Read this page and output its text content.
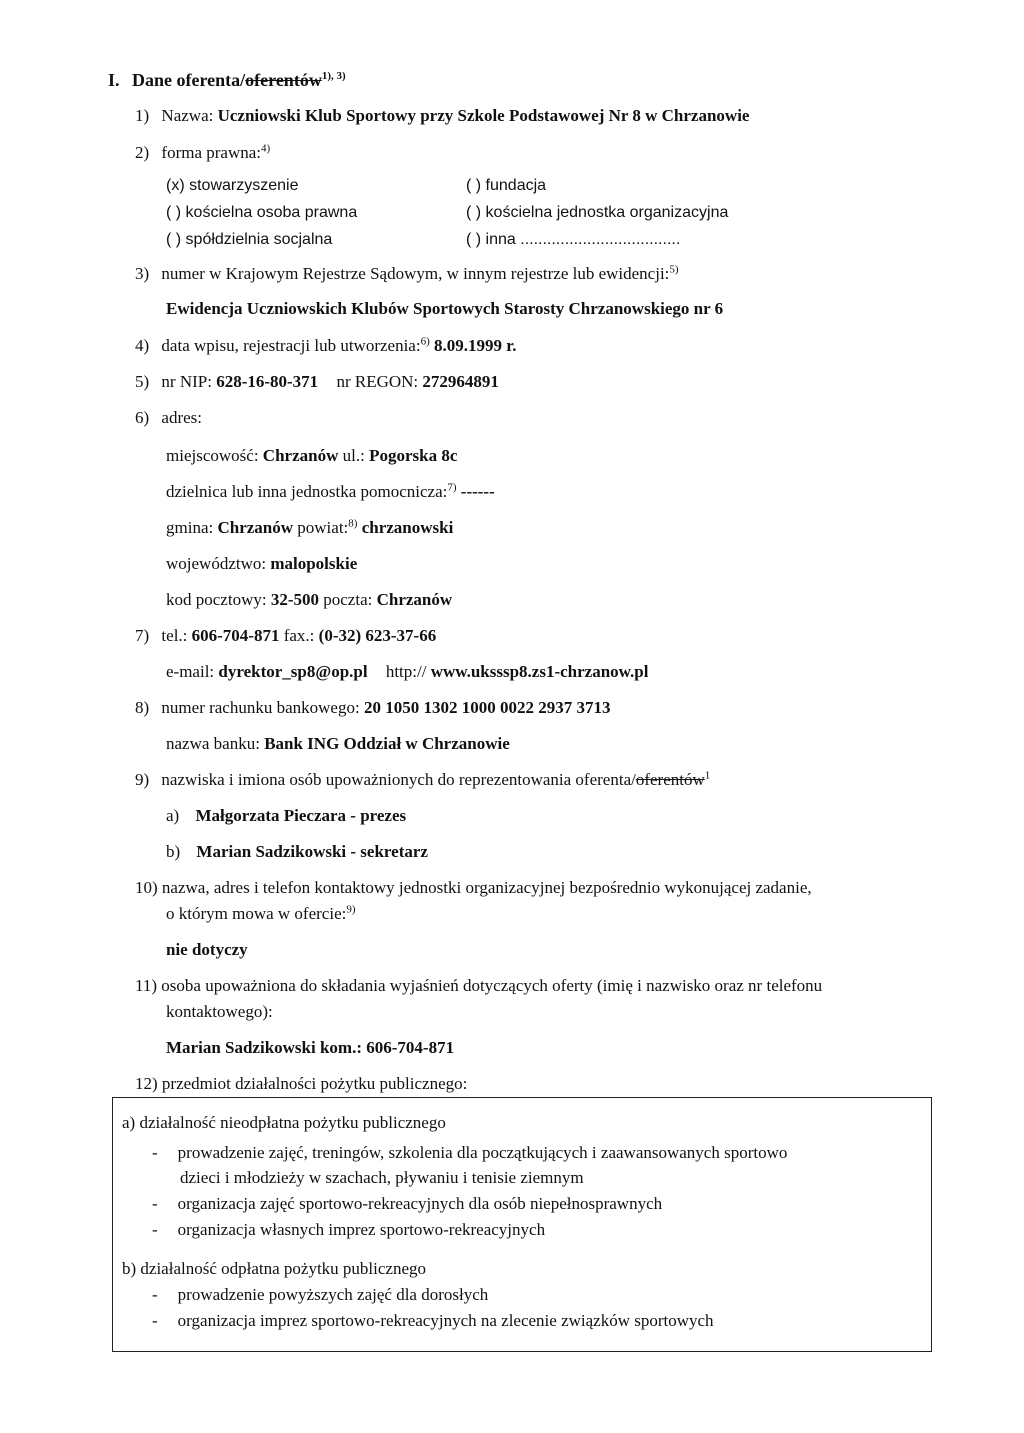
I. Dane oferenta/oferentów$^{1), 3)}$
1) Nazwa: Uczniowski Klub Sportowy przy Szkole Podstawowej Nr 8 w Chrzanowie
2) forma prawna:$^{4)}$
(x) stowarzyszenie
( ) kościelna osoba prawna
( ) spółdzielnia socjalna
( ) fundacja
( ) kościelna jednostka organizacyjna
( ) inna ....................................
3) numer w Krajowym Rejestrze Sądowym, w innym rejestrze lub ewidencji:$^{5)}$
Ewidencja Uczniowskich Klubów Sportowych Starosty Chrzanowskiego nr 6
4) data wpisu, rejestracji lub utworzenia:$^{6)}$ 8.09.1999 r.
5) nr NIP: 628-16-80-371 nr REGON: 272964891
6) adres:
miejscowość: Chrzanów ul.: Pogorska 8c
dzielnica lub inna jednostka pomocnicza:$^{7)}$ ------
gmina: Chrzanów powiat:$^{8)}$ chrzanowski
województwo: malopolskie
kod pocztowy: 32-500 poczta: Chrzanów
7) tel.: 606-704-871 fax.: (0-32) 623-37-66
e-mail: dyrektor_sp8@op.pl http:// www.uksssp8.zs1-chrzanow.pl
8) numer rachunku bankowego: 20 1050 1302 1000 0022 2937 3713
nazwa banku: Bank ING Oddział w Chrzanowie
9) nazwiska i imiona osób upoważnionych do reprezentowania oferenta/oferentów$^1$
a) Małgorzata Pieczara - prezes
b) Marian Sadzikowski - sekretarz
10) nazwa, adres i telefon kontaktowy jednostki organizacyjnej bezpośrednio wykonującej zadanie,
o którym mowa w ofercie:$^{9)}$
nie dotyczy
11) osoba upoważniona do składania wyjaśnień dotyczących oferty (imię i nazwisko oraz nr telefonu
kontaktowego):
Marian Sadzikowski kom.: 606-704-871
12) przedmiot działalności pożytku publicznego:
a) działalność nieodpłatna pożytku publicznego
- prowadzenie zajęć, treningów, szkolenia dla początkujących i zaawansowanych sportowo
dzieci i młodzieży w szachach, pływaniu i tenisie ziemnym
- organizacja zajęć sportowo-rekreacyjnych dla osób niepełnosprawnych
- organizacja własnych imprez sportowo-rekreacyjnych
b) działalność odpłatna pożytku publicznego
- prowadzenie powyższych zajęć dla dorosłych
- organizacja imprez sportowo-rekreacyjnych na zlecenie związków sportowych
